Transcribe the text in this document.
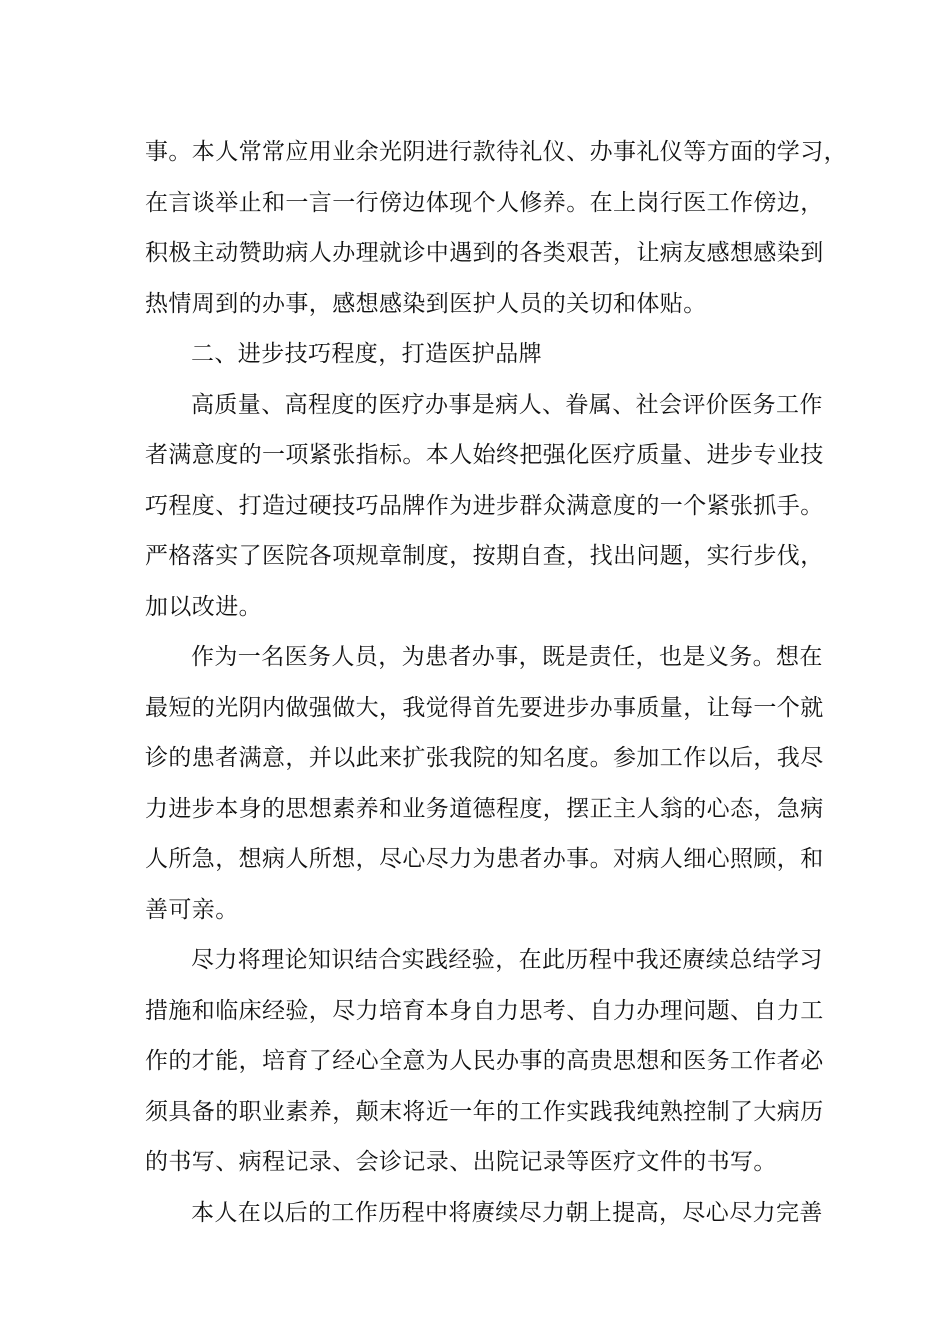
事。本人常常应用业余光阴进行款待礼仪、办事礼仪等方面的学习，
在言谈举止和一言一行傍边体现个人修养。在上岗行医工作傍边，
积极主动赞助病人办理就诊中遇到的各类艰苦，让病友感想感染到
热情周到的办事，感想感染到医护人员的关切和体贴。
二、进步技巧程度，打造医护品牌
高质量、高程度的医疗办事是病人、眷属、社会评价医务工作
者满意度的一项紧张指标。本人始终把强化医疗质量、进步专业技
巧程度、打造过硬技巧品牌作为进步群众满意度的一个紧张抓手。
严格落实了医院各项规章制度，按期自查，找出问题，实行步伐，
加以改进。
作为一名医务人员，为患者办事，既是责任，也是义务。想在
最短的光阴内做强做大，我觉得首先要进步办事质量，让每一个就
诊的患者满意，并以此来扩张我院的知名度。参加工作以后，我尽
力进步本身的思想素养和业务道德程度，摆正主人翁的心态，急病
人所急，想病人所想，尽心尽力为患者办事。对病人细心照顾，和
善可亲。
尽力将理论知识结合实践经验，在此历程中我还赓续总结学习
措施和临床经验，尽力培育本身自力思考、自力办理问题、自力工
作的才能，培育了经心全意为人民办事的高贵思想和医务工作者必
须具备的职业素养，颠末将近一年的工作实践我纯熟控制了大病历
的书写、病程记录、会诊记录、出院记录等医疗文件的书写。
本人在以后的工作历程中将赓续尽力朝上提高，尽心尽力完善
